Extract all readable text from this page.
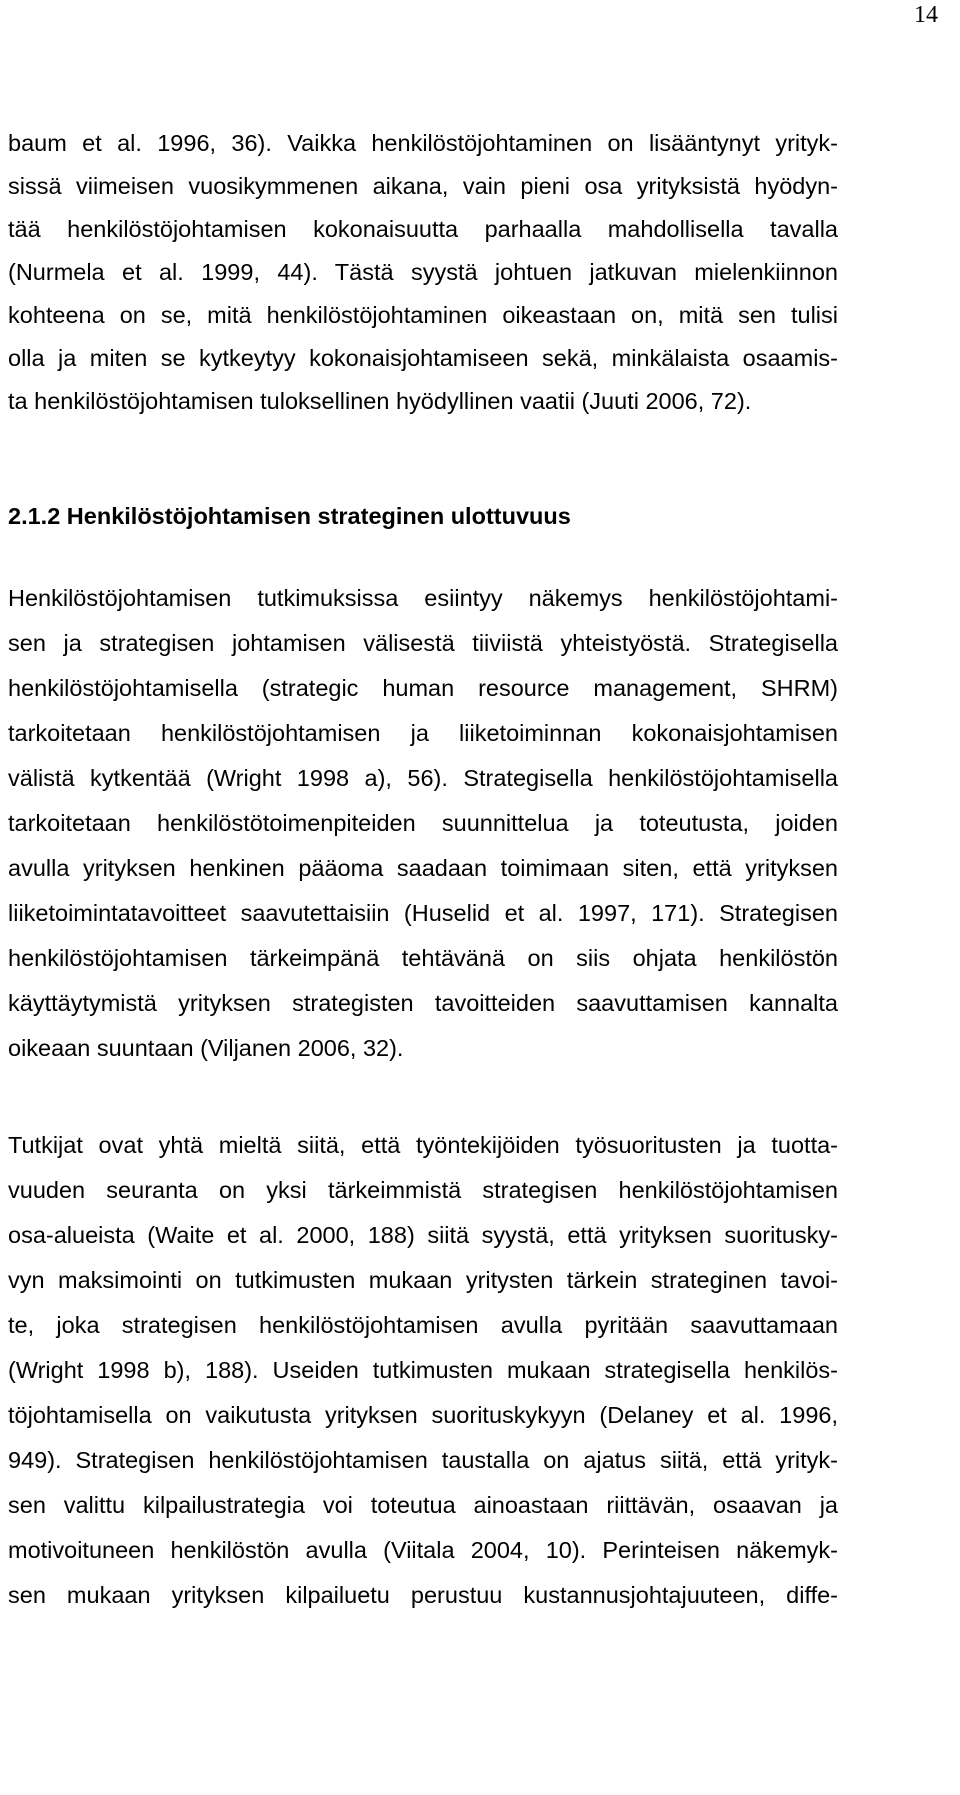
14
baum et al. 1996, 36). Vaikka henkilöstöjohtaminen on lisääntynyt yrityk-
sissä viimeisen vuosikymmenen aikana, vain pieni osa yrityksistä hyödyn-
tää henkilöstöjohtamisen kokonaisuutta parhaalla mahdollisella tavalla
(Nurmela et al. 1999, 44). Tästä syystä johtuen jatkuvan mielenkiinnon
kohteena on se, mitä henkilöstöjohtaminen oikeastaan on, mitä sen tulisi
olla ja miten se kytkeytyy kokonaisjohtamiseen sekä, minkälaista osaamis-
ta henkilöstöjohtamisen tuloksellinen hyödyllinen vaatii (Juuti 2006, 72).
2.1.2 Henkilöstöjohtamisen strateginen ulottuvuus
Henkilöstöjohtamisen tutkimuksissa esiintyy näkemys henkilöstöjohtami-
sen ja strategisen johtamisen välisestä tiiviistä yhteistyöstä. Strategisella
henkilöstöjohtamisella (strategic human resource management, SHRM)
tarkoitetaan henkilöstöjohtamisen ja liiketoiminnan kokonaisjohtamisen
välistä kytkentää (Wright 1998 a), 56). Strategisella henkilöstöjohtamisella
tarkoitetaan henkilöstötoimenpiteiden suunnittelua ja toteutusta, joiden
avulla yrityksen henkinen pääoma saadaan toimimaan siten, että yrityksen
liiketoimintatavoitteet saavutettaisiin (Huselid et al. 1997, 171). Strategisen
henkilöstöjohtamisen tärkeimpänä tehtävänä on siis ohjata henkilöstön
käyttäytymistä yrityksen strategisten tavoitteiden saavuttamisen kannalta
oikeaan suuntaan (Viljanen 2006, 32).
Tutkijat ovat yhtä mieltä siitä, että työntekijöiden työsuoritusten ja tuotta-
vuuden seuranta on yksi tärkeimmistä strategisen henkilöstöjohtamisen
osa-alueista (Waite et al. 2000, 188) siitä syystä, että yrityksen suoritusky-
vyn maksimointi on tutkimusten mukaan yritysten tärkein strateginen tavoi-
te, joka strategisen henkilöstöjohtamisen avulla pyritään saavuttamaan
(Wright 1998 b), 188). Useiden tutkimusten mukaan strategisella henkilös-
töjohtamisella on vaikutusta yrityksen suorituskykyyn (Delaney et al. 1996,
949). Strategisen henkilöstöjohtamisen taustalla on ajatus siitä, että yrityk-
sen valittu kilpailustrategia voi toteutua ainoastaan riittävän, osaavan ja
motivoituneen henkilöstön avulla (Viitala 2004, 10). Perinteisen näkemyk-
sen mukaan yrityksen kilpailuetu perustuu kustannusjohtajuuteen, diffe-
